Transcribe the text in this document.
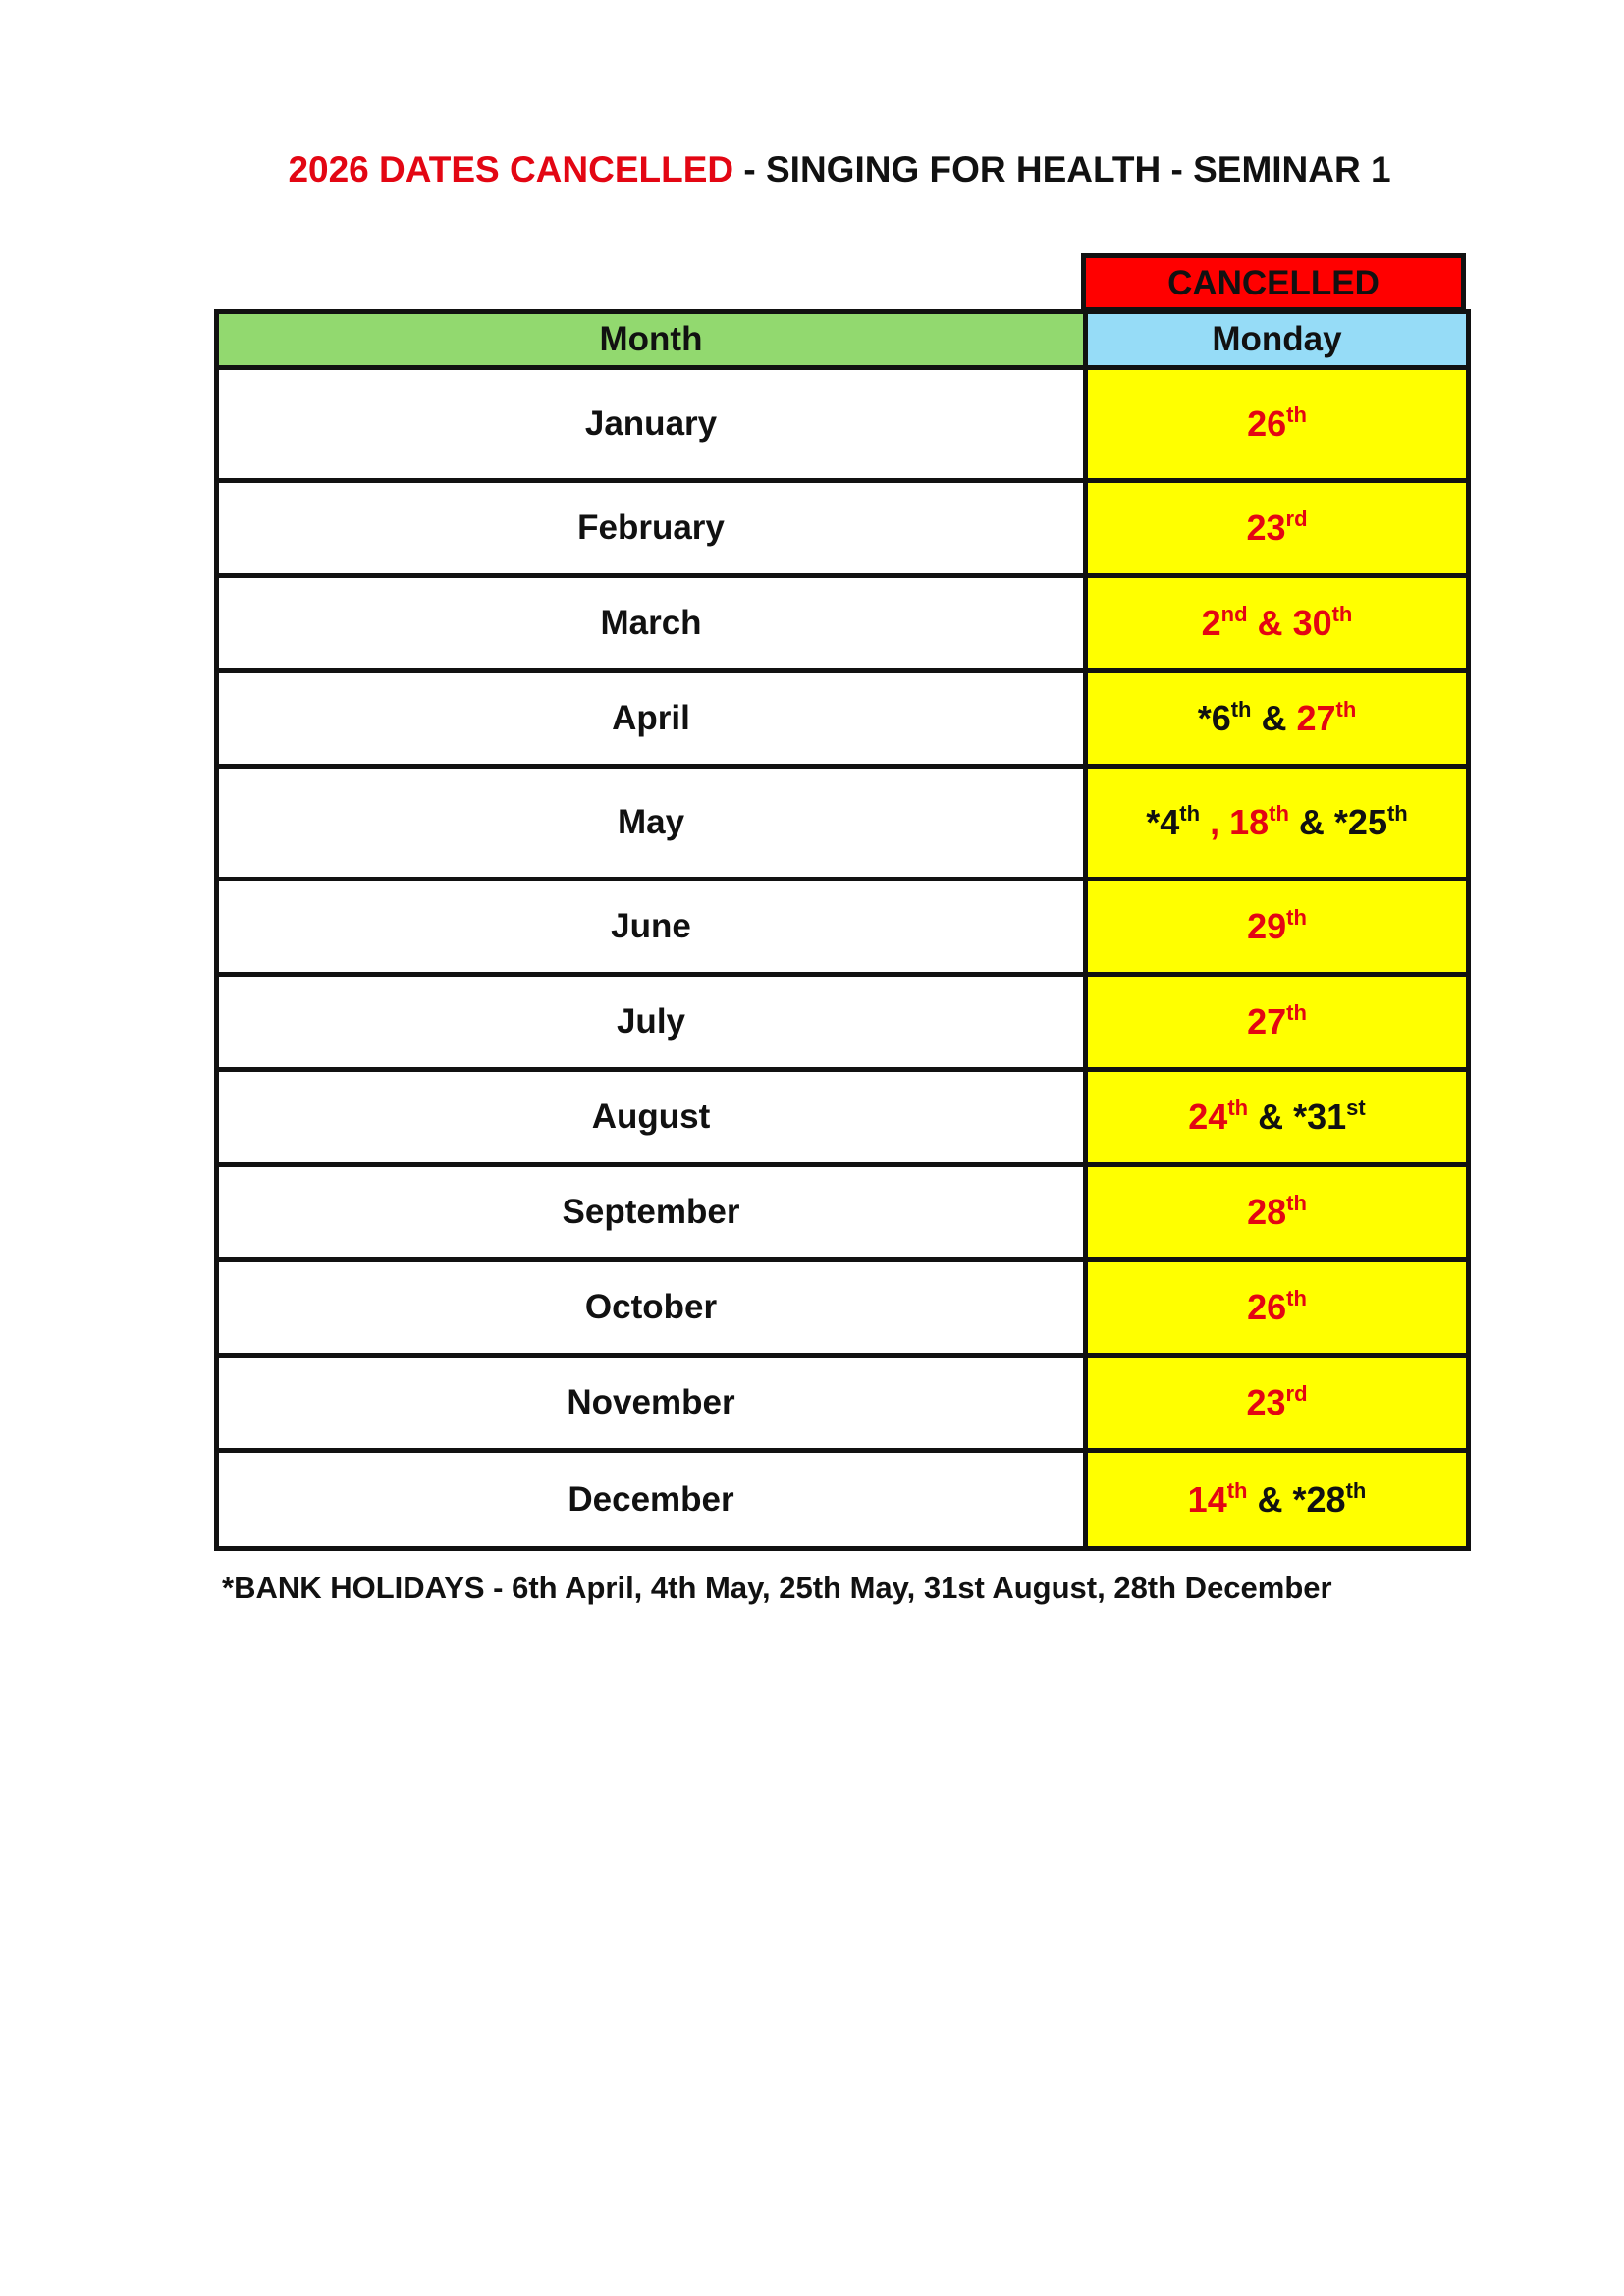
2026 DATES CANCELLED - SINGING FOR HEALTH - SEMINAR 1
CANCELLED
Month	Monday
January	26th
February	23rd
March	2nd & 30th
April	*6th & 27th
May	*4th , 18th & *25th
June	29th
July	27th
August	24th & *31st
September	28th
October	26th
November	23rd
December	14th & *28th
*BANK HOLIDAYS - 6th April, 4th May, 25th May, 31st August, 28th December
